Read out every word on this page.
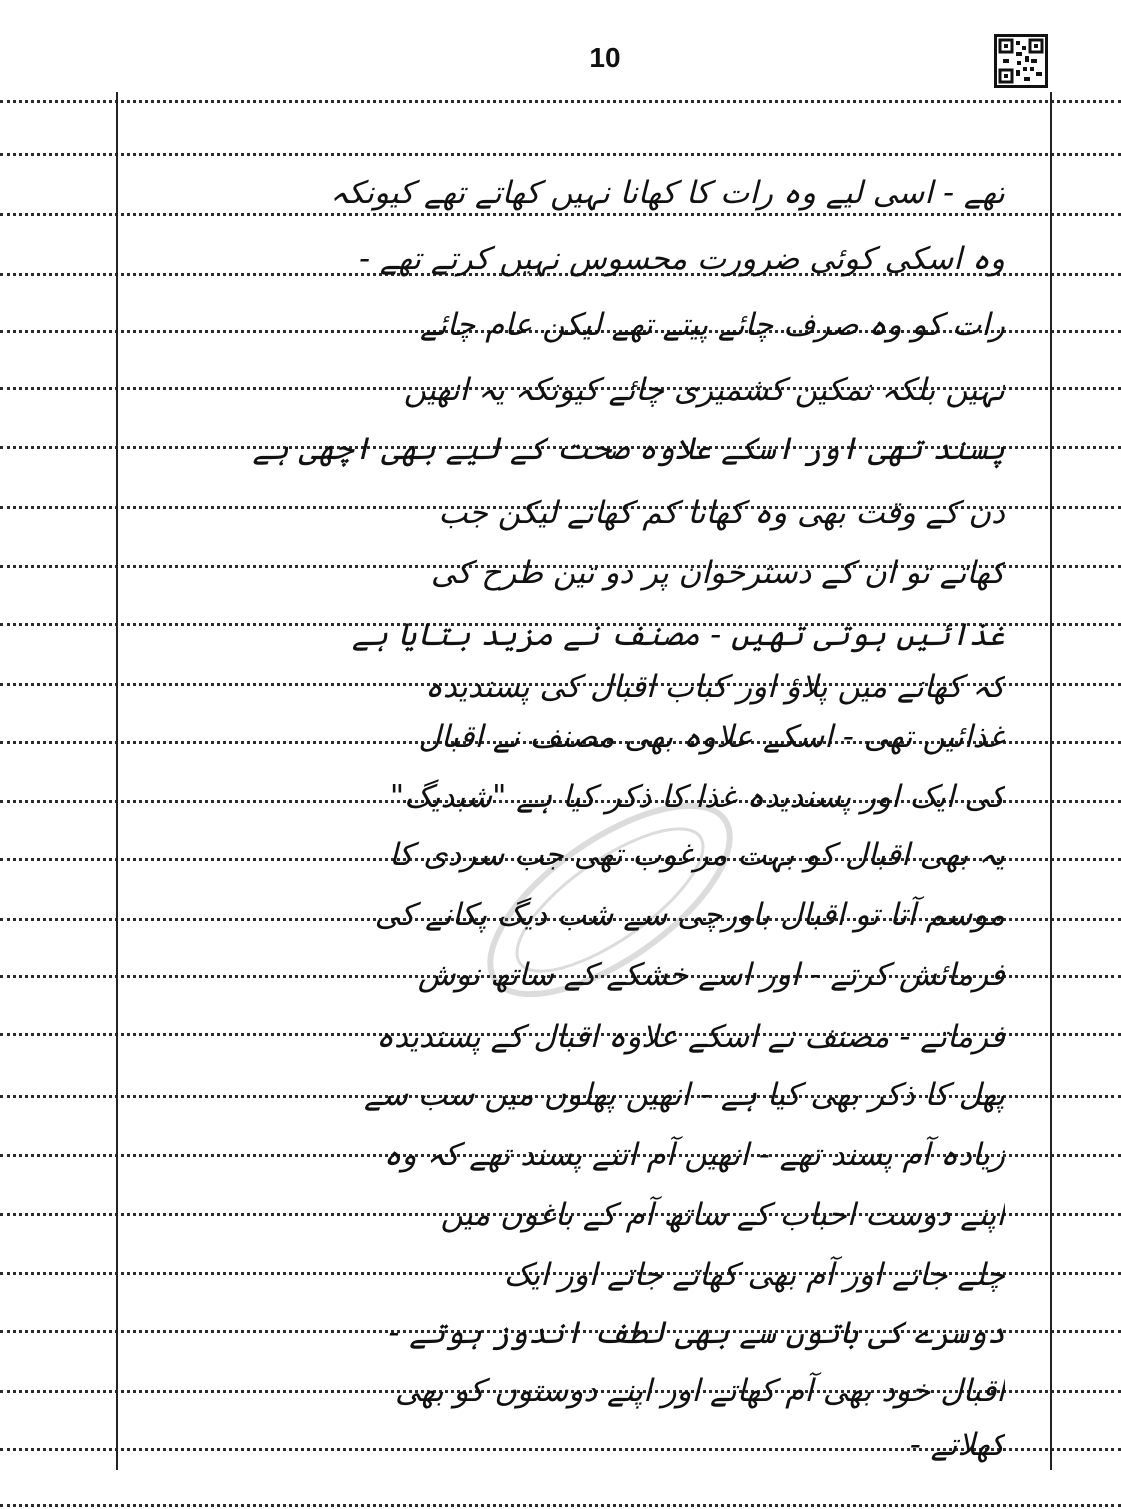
10
تھے - اسی لیے وہ رات کا کھانا نہیں کھاتے تھے کیونکہ
وہ اسکی کوئی ضرورت محسوس نہیں کرتے تھے -
رات کو وہ صرف چائے پیتے تھے لیکن عام چائے
نہیں بلکہ نمکین کشمیری چائے کیونکہ یہ انھیں
پسند تھی اور اسکے علاوہ صحت کے لیے بھی اچھی ہے
دن کے وقت بھی وہ کھانا کم کھاتے لیکن جب
کھاتے تو ان کے دسترخوان پر دو تین طرح کی
غذائیں ہوتی تھیں - مصنف نے مزید بتایا ہے
کہ کھانے میں پلاؤ اور کباب اقبال کی پسندیدہ
غذائیں تھی - اسکے علاوہ بھی مصنف نے اقبال
کی ایک اور پسندیدہ غذا کا ذکر کیا ہے "شبدیگ"
یہ بھی اقبال کو بہت مرغوب تھی جب سردی کا
موسم آتا تو اقبال باورچی سے شب دیگ پکانے کی
فرمائش کرتے - اور اسے خشکے کے ساتھ نوش
فرماتے - مصنف نے اسکے علاوہ اقبال کے پسندیدہ
پھل کا ذکر بھی کیا ہے - انھیں پھلوں میں سب سے
زیادہ آم پسند تھے - انھیں آم اتنے پسند تھے کہ وہ
اپنے دوست احباب کے ساتھ آم کے باغوں میں
چلے جاتے اور آم بھی کھاتے جاتے اور ایک
دوسرے کی باتوں سے بھی لطف اندوز ہوتے -
اقبال خود بھی آم کھاتے اور اپنے دوستوں کو بھی
کھلاتے -
